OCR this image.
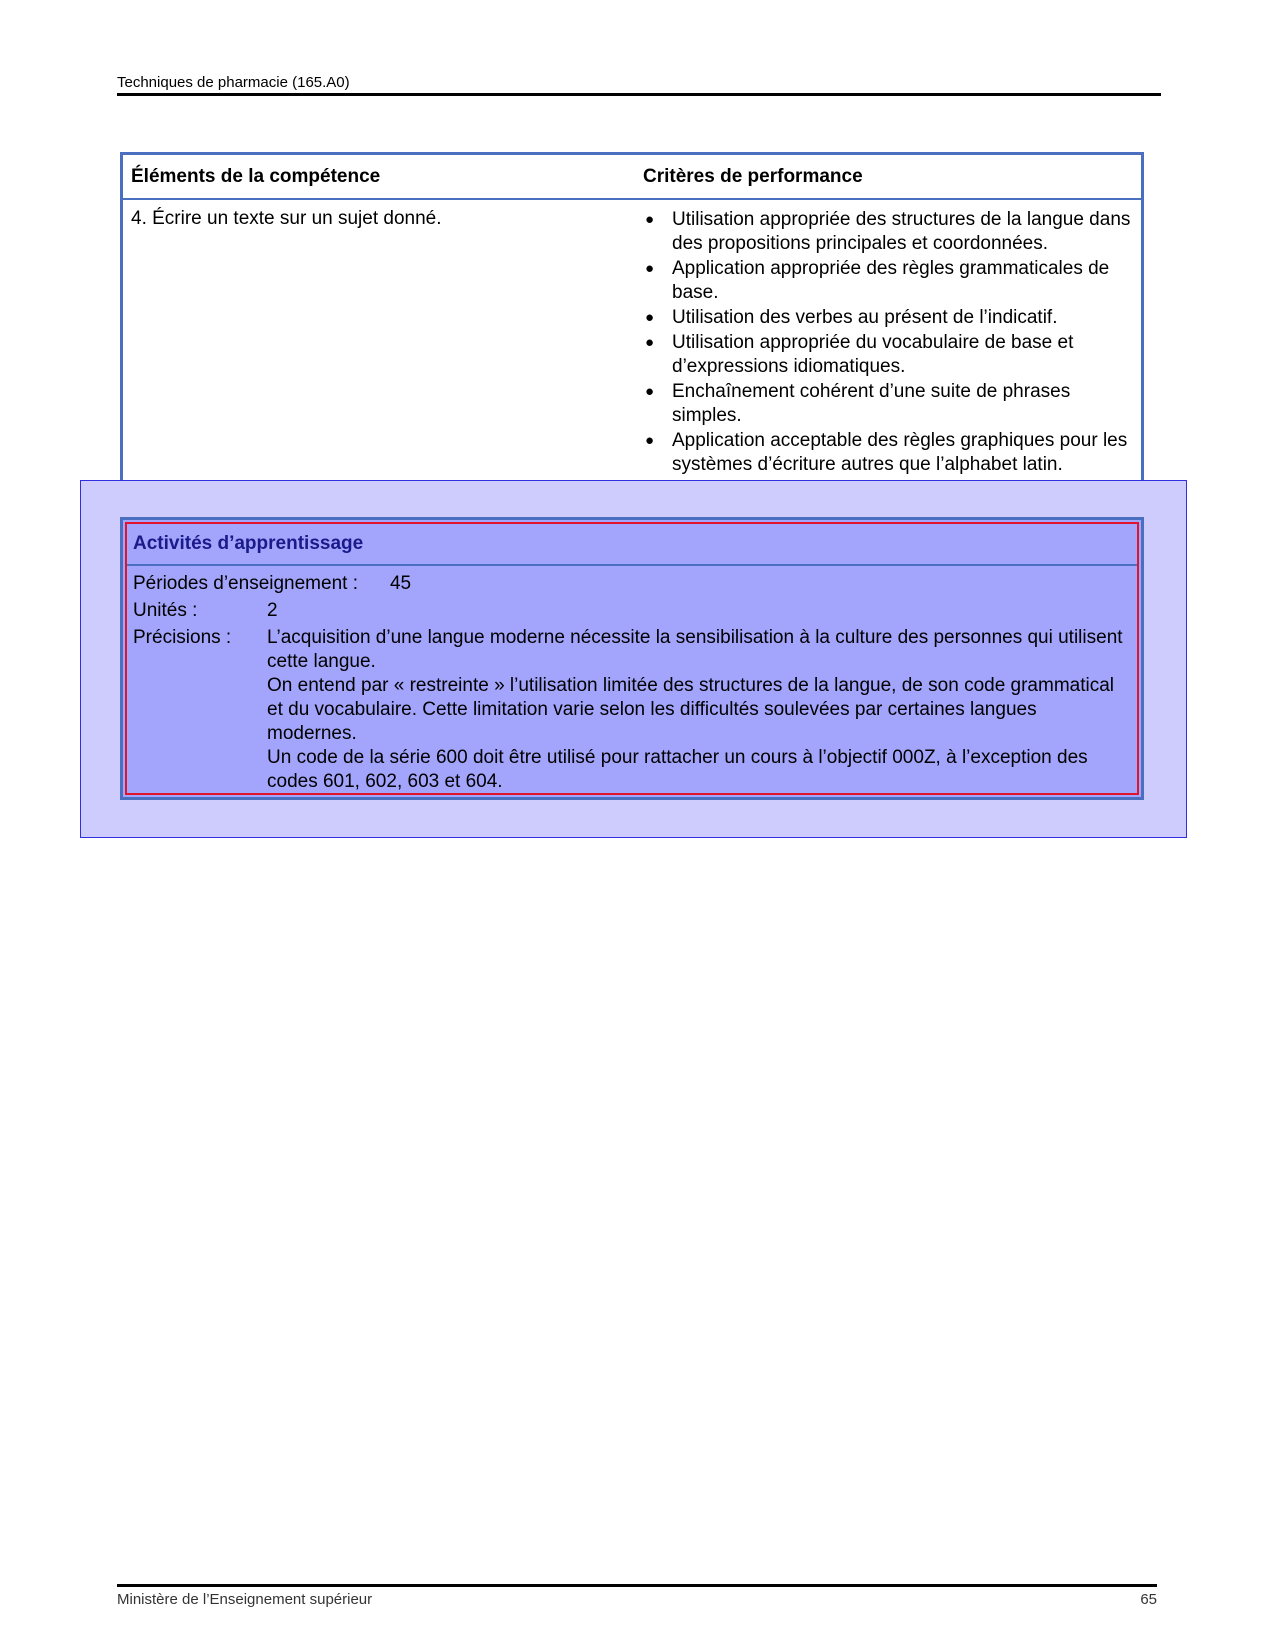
Techniques de pharmacie (165.A0)
Éléments de la compétence	Critères de performance
4. Écrire un texte sur un sujet donné.	● Utilisation appropriée des structures de la langue dans des propositions principales et coordonnées.
● Application appropriée des règles grammaticales de base.
● Utilisation des verbes au présent de l’indicatif.
● Utilisation appropriée du vocabulaire de base et d’expressions idiomatiques.
● Enchaînement cohérent d’une suite de phrases simples.
● Application acceptable des règles graphiques pour les systèmes d’écriture autres que l’alphabet latin.
Activités d’apprentissage
Périodes d’enseignement : 45
Unités :	2
Précisions :	L’acquisition d’une langue moderne nécessite la sensibilisation à la culture des personnes qui utilisent cette langue.

On entend par « restreinte » l’utilisation limitée des structures de la langue, de son code grammatical et du vocabulaire. Cette limitation varie selon les difficultés soulevées par certaines langues modernes.

Un code de la série 600 doit être utilisé pour rattacher un cours à l’objectif 000Z, à l’exception des codes 601, 602, 603 et 604.

Ministère de l’Enseignement supérieur	65
